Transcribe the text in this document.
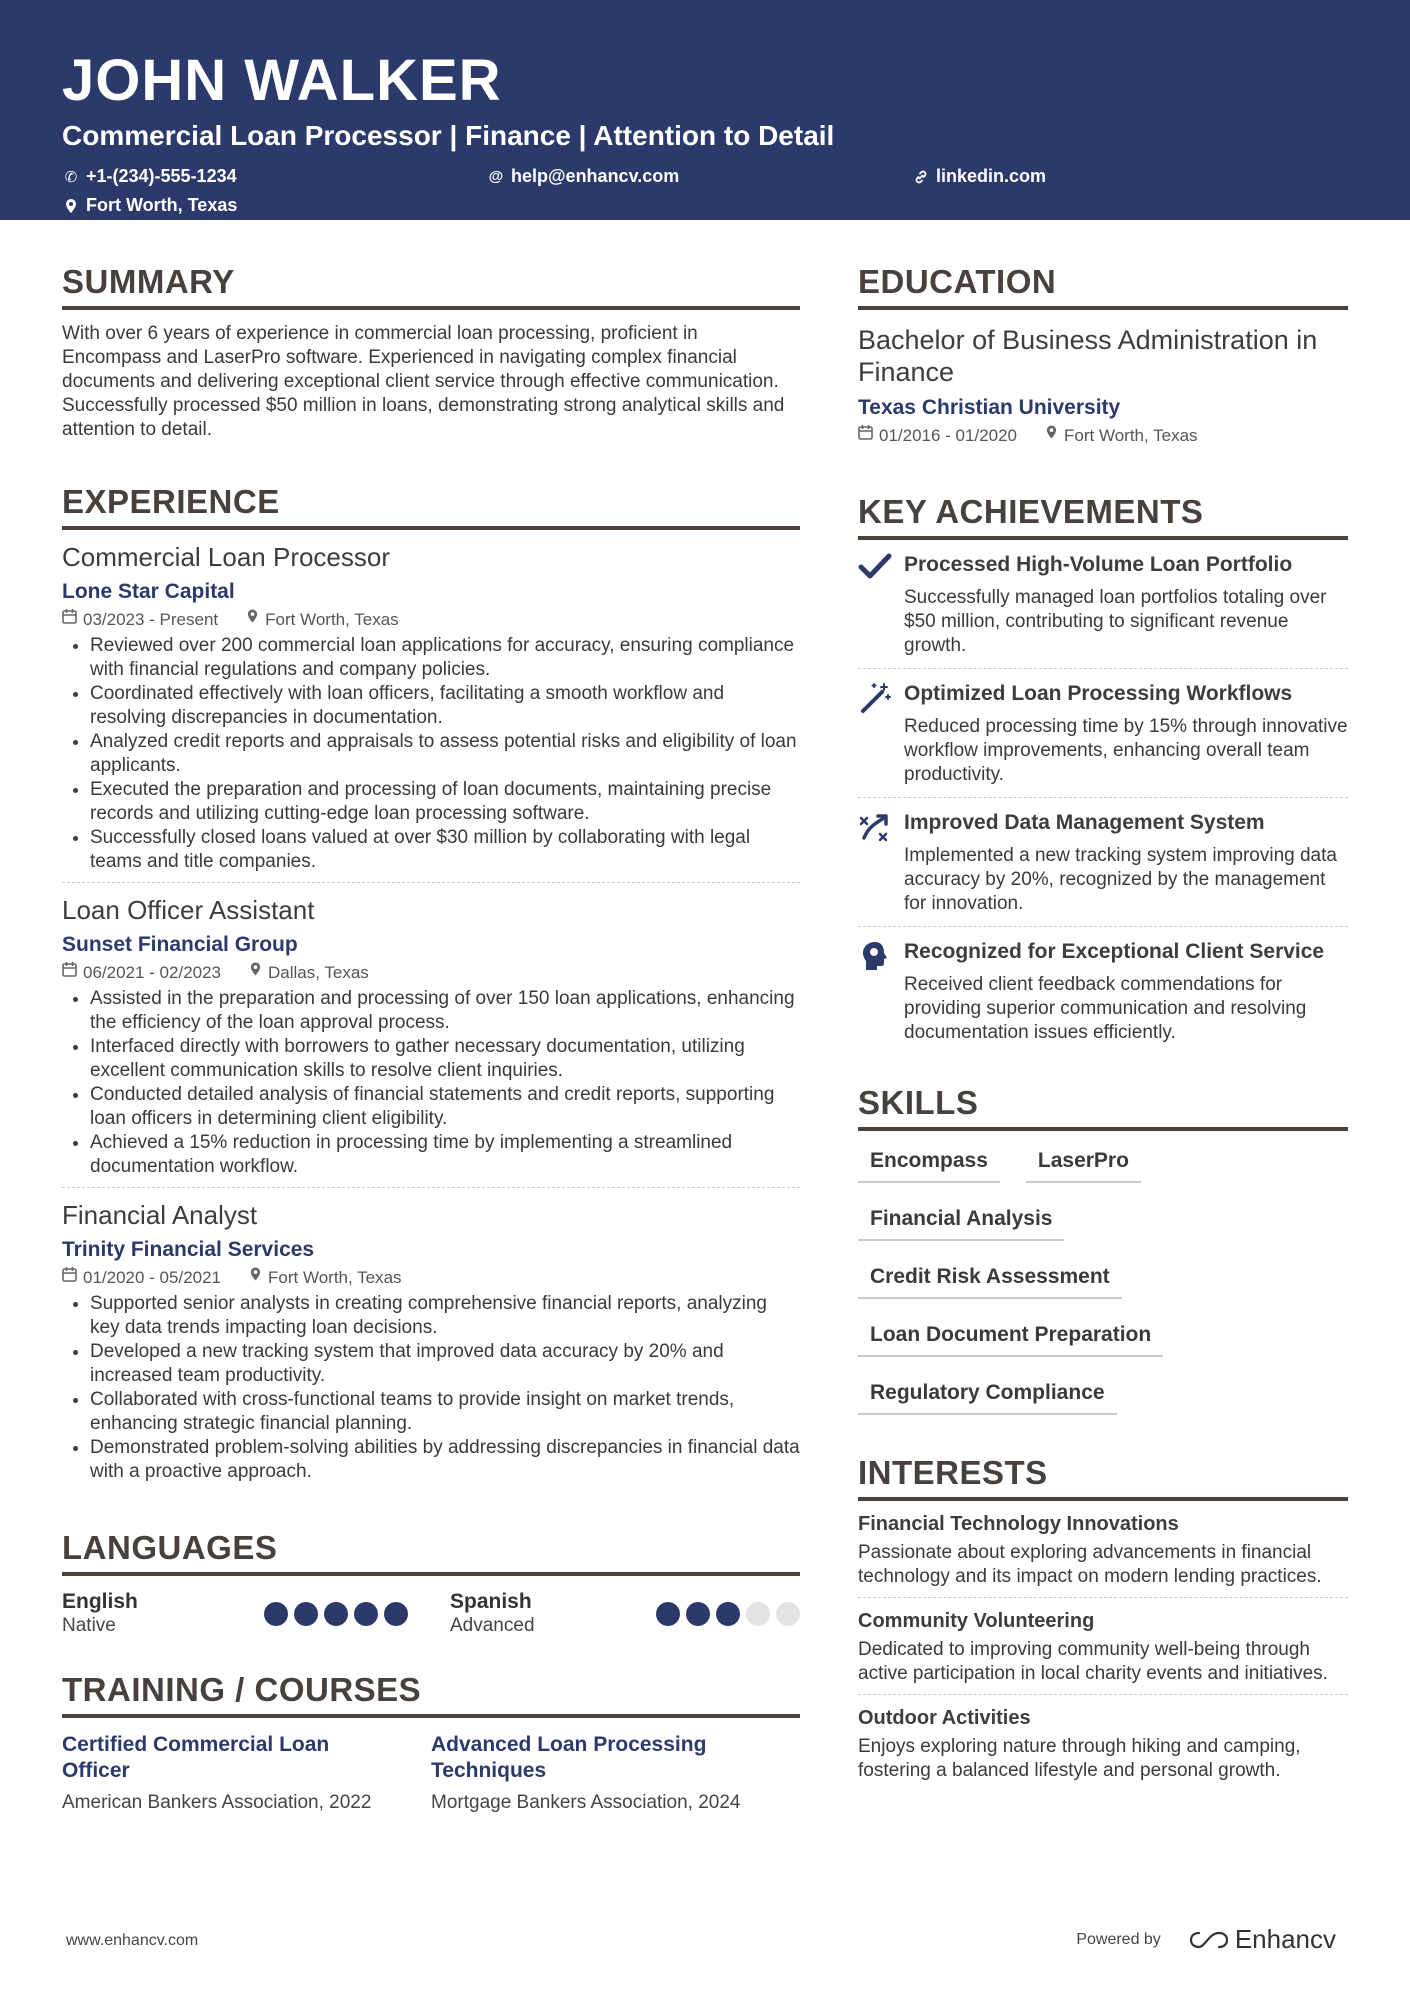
JOHN WALKER
Commercial Loan Processor | Finance | Attention to Detail
✆ +1-(234)-555-1234	@ help@enhancv.com	linkedin.com
Fort Worth, Texas
SUMMARY
With over 6 years of experience in commercial loan processing, proficient in Encompass and LaserPro software. Experienced in navigating complex financial documents and delivering exceptional client service through effective communication. Successfully processed $50 million in loans, demonstrating strong analytical skills and attention to detail.
EXPERIENCE
Commercial Loan Processor
Lone Star Capital
03/2023 - Present	Fort Worth, Texas
• Reviewed over 200 commercial loan applications for accuracy, ensuring compliance with financial regulations and company policies.
• Coordinated effectively with loan officers, facilitating a smooth workflow and resolving discrepancies in documentation.
• Analyzed credit reports and appraisals to assess potential risks and eligibility of loan applicants.
• Executed the preparation and processing of loan documents, maintaining precise records and utilizing cutting-edge loan processing software.
• Successfully closed loans valued at over $30 million by collaborating with legal teams and title companies.
Loan Officer Assistant
Sunset Financial Group
06/2021 - 02/2023	Dallas, Texas
• Assisted in the preparation and processing of over 150 loan applications, enhancing the efficiency of the loan approval process.
• Interfaced directly with borrowers to gather necessary documentation, utilizing excellent communication skills to resolve client inquiries.
• Conducted detailed analysis of financial statements and credit reports, supporting loan officers in determining client eligibility.
• Achieved a 15% reduction in processing time by implementing a streamlined documentation workflow.
Financial Analyst
Trinity Financial Services
01/2020 - 05/2021	Fort Worth, Texas
• Supported senior analysts in creating comprehensive financial reports, analyzing key data trends impacting loan decisions.
• Developed a new tracking system that improved data accuracy by 20% and increased team productivity.
• Collaborated with cross-functional teams to provide insight on market trends, enhancing strategic financial planning.
• Demonstrated problem-solving abilities by addressing discrepancies in financial data with a proactive approach.
LANGUAGES
English
Native
Spanish
Advanced
TRAINING / COURSES
Certified Commercial Loan Officer
American Bankers Association, 2022
Advanced Loan Processing Techniques
Mortgage Bankers Association, 2024
EDUCATION
Bachelor of Business Administration in Finance
Texas Christian University
01/2016 - 01/2020	Fort Worth, Texas
KEY ACHIEVEMENTS
Processed High-Volume Loan Portfolio
Successfully managed loan portfolios totaling over $50 million, contributing to significant revenue growth.
Optimized Loan Processing Workflows
Reduced processing time by 15% through innovative workflow improvements, enhancing overall team productivity.
Improved Data Management System
Implemented a new tracking system improving data accuracy by 20%, recognized by the management for innovation.
Recognized for Exceptional Client Service
Received client feedback commendations for providing superior communication and resolving documentation issues efficiently.
SKILLS
Encompass	LaserPro
Financial Analysis
Credit Risk Assessment
Loan Document Preparation
Regulatory Compliance
INTERESTS
Financial Technology Innovations
Passionate about exploring advancements in financial technology and its impact on modern lending practices.
Community Volunteering
Dedicated to improving community well-being through active participation in local charity events and initiatives.
Outdoor Activities
Enjoys exploring nature through hiking and camping, fostering a balanced lifestyle and personal growth.
www.enhancv.com	Powered by	Enhancv
